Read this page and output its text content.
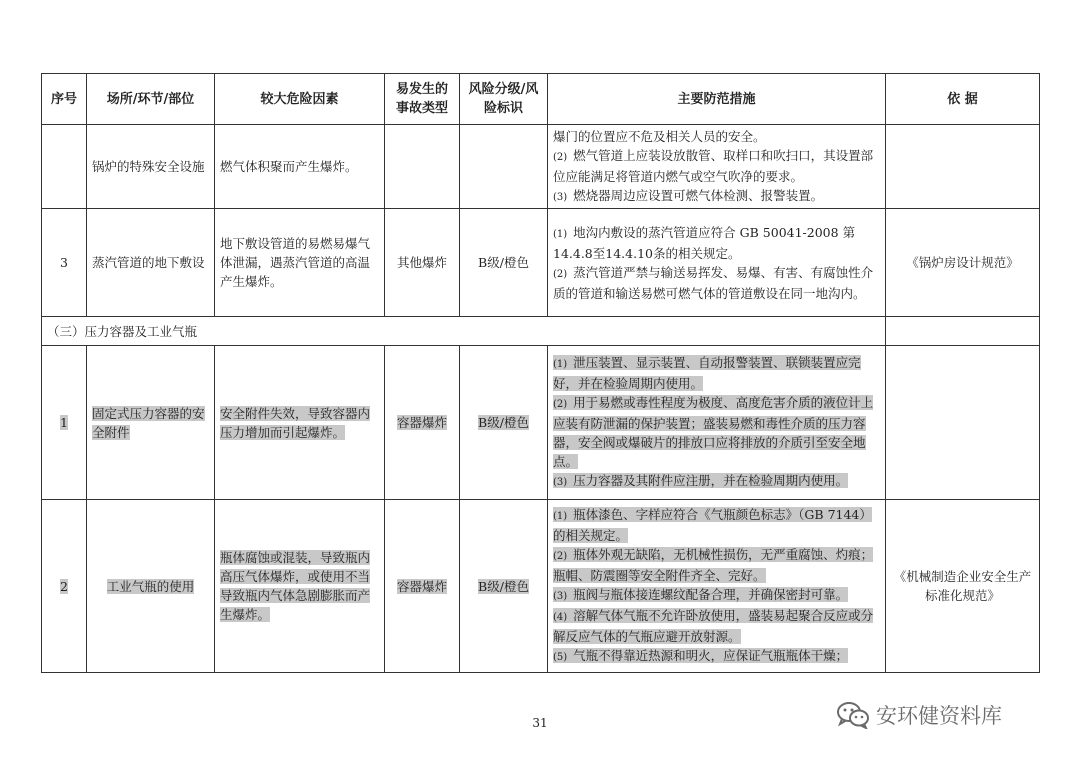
序号	场所/环节/部位	较大危险因素	易发生的事故类型	风险分级/风险标识	主要防范措施	依 据
	锅炉的特殊安全设施	燃气体积聚而产生爆炸。			爆门的位置应不危及相关人员的安全。
(2) 燃气管道上应装设放散管、取样口和吹扫口，其设置部位应能满足将管道内燃气或空气吹净的要求。
(3) 燃烧器周边应设置可燃气体检测、报警装置。	

3	蒸汽管道的地下敷设	地下敷设管道的易燃易爆气体泄漏，遇蒸汽管道的高温产生爆炸。	其他爆炸	B级/橙色	(1) 地沟内敷设的蒸汽管道应符合 GB 50041-2008 第14.4.8至14.4.10条的相关规定。
(2) 蒸汽管道严禁与输送易挥发、易爆、有害、有腐蚀性介质的管道和输送易燃可燃气体的管道敷设在同一地沟内。	《锅炉房设计规范》
（三）压力容器及工业气瓶						
1	固定式压力容器的安全附件	安全附件失效，导致容器内压力增加而引起爆炸。	容器爆炸	B级/橙色	(1) 泄压装置、显示装置、自动报警装置、联锁装置应完好，并在检验周期内使用。
(2) 用于易燃或毒性程度为极度、高度危害介质的液位计上应装有防泄漏的保护装置；盛装易燃和毒性介质的压力容器，安全阀或爆破片的排放口应将排放的介质引至安全地点。
(3) 压力容器及其附件应注册，并在检验周期内使用。	

2	工业气瓶的使用	瓶体腐蚀或混装，导致瓶内高压气体爆炸，或使用不当导致瓶内气体急剧膨胀而产生爆炸。	容器爆炸	B级/橙色	(1) 瓶体漆色、字样应符合《气瓶颜色标志》（GB 7144）的相关规定。
(2) 瓶体外观无缺陷，无机械性损伤，无严重腐蚀、灼痕；瓶帽、防震圈等安全附件齐全、完好。
(3) 瓶阀与瓶体接连螺纹配备合理，并确保密封可靠。
(4) 溶解气体气瓶不允许卧放使用，盛装易起聚合反应或分解反应气体的气瓶应避开放射源。
(5) 气瓶不得靠近热源和明火，应保证气瓶瓶体干燥；	《机械制造企业安全生产标准化规范》
31	安环健资料库
